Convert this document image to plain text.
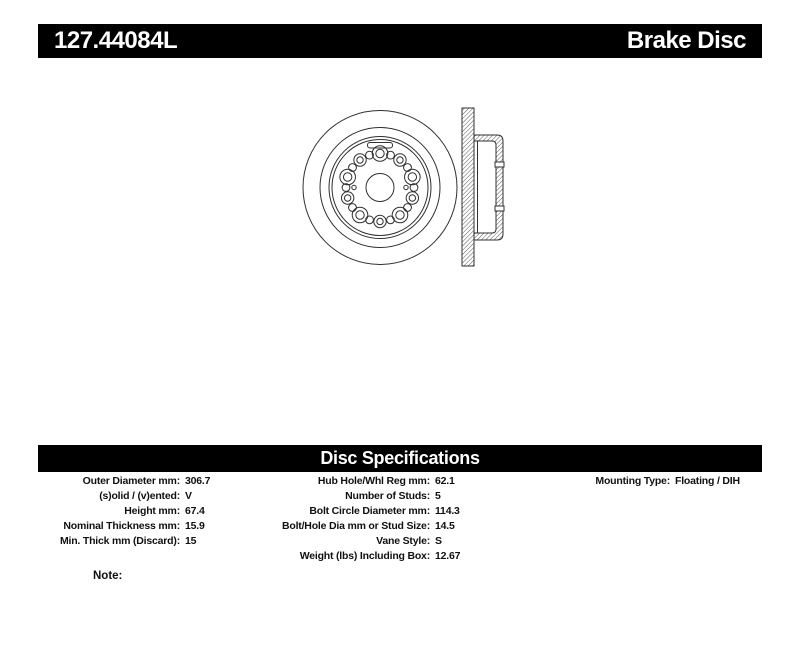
127.44084L	Brake Disc
Disc Specifications
Outer Diameter mm: 306.7
(s)olid / (v)ented: V
Height mm: 67.4
Nominal Thickness mm: 15.9
Min. Thick mm (Discard): 15
Hub Hole/Whl Reg mm: 62.1
Number of Studs: 5
Bolt Circle Diameter mm: 114.3
Bolt/Hole Dia mm or Stud Size: 14.5
Vane Style: S
Weight (lbs) Including Box: 12.67
Mounting Type: Floating / DIH
Note:
